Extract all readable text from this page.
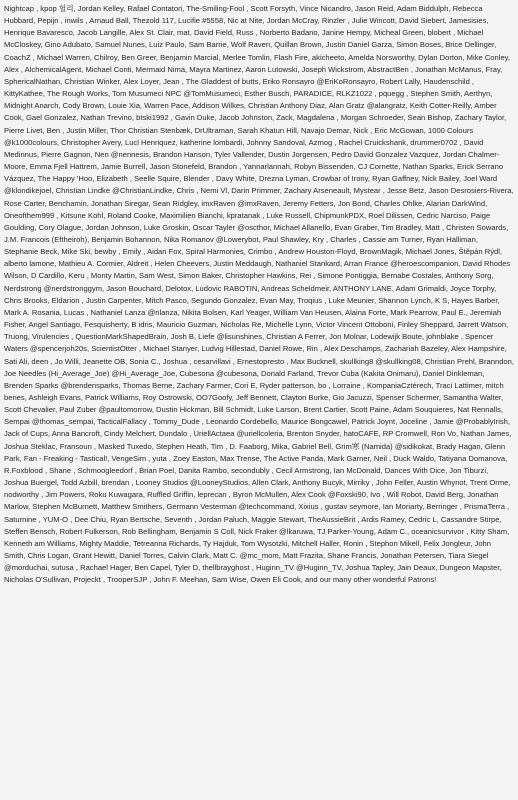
Nightcap , kpop 헐리, Jordan Kelley, Rafael Contatori, The-Smiling-Fool , Scott Forsyth, Vince Nicandro, Jason Reid, Adam Biddulph, Rebecca Hubbard, Pepijn , inwils , Arnaud Ball, Thezold 117, Lucifie #5558, Nic at Nite, Jordan McCray, Rinzler , Julie Wincott, David Siebert, Jamesisies, Henrique Bavaresco, Jacob Langille, Alex St. Clair, mat, David Field, Russ , Norberto Badano, Janine Hempy, Micheal Green, blobert , Michael McCloskey, Gino Adubato, Samuel Nunes, Luiz Paulo, Sam Barrie, Wolf Raven, Quillan Brown, Justin Daniel Garza, Simon Boses, Brice Dellinger, CoachZ , Michael Warren, Chilroy, Ben Greer, Benjamin Marcial, Merlee Tomlin, Flash Fire, akicheeto, Amelda Norsworthy, Dylan Dorton, Mike Conley, Alex , AlchemicalAgent, Michael Conti, Mermaid Nima, Mayra Martinez, Aaron Lutowski, Joseph Wickstrom, AbstractBen , Jonathan McManus, Fray, SphericalNathan, Christian Winker, Alex Loyer, Jean , The Gladdest of butts, Eriko Ronsayro @EriKoRonsayro, Robert Lally, Haudenschild , KittyKathee, The Rough Works, Tom Musumeci NPC @TomMusumeci, Esther Busch, PARADICE, RLKZ1022 , pquegg , Stephen Smith, Aerthyn, Midnight Anarch, Cody Brown, Louie Xia, Warren Pace, Addison Wilkes, Christian Anthony Diaz, Alan Gratz @alangratz, Keith Cotter-Reilly, Amber Cook, Gael Gonzalez, Nathan Trevino, btski1992 , Gavin Duke, Jacob Johnston, Zack, Magdalena , Morgan Schroeder, Sean Bishop, Zachary Taylor, Pierre Livet, Ben , Justin Miller, Thor Christian Stenbæk, DrUltraman, Sarah Khatun Hill, Navajo Demar, Nick , Eric McGowan, 1000 Colours @k1000colours, Christopher Avery, Lucl Henriquez, katherine lombardi, Johnny Sandoval, Azmog , Rachel Cruickshank, drummer0702 , David Medinnus, Pierre Gagnon, Nen @nennesis, Brandon Hanson, Tyler Vallender, Dustin Jorgensen, Pedro David Gonzalez Vazquez, Jordan Chalmer-Moore, Emma Fjell Hattrem, Jamie Burrell, Jason Stonefeld, Brandon , Yannarlannah, Robyn Bissenden, CJ Cornette, Nathan Sparks, Erick Serrano Vázquez, The Happy 'Hoo, Elizabeth , Seelle Squire, Blender , Davy White, Drezna Lyman, Crowbar of Irony, Ryan Gaffney, Nick Bailey, Joel Ward @klondikejoel, Christian Lindke @ChristianLindke, Chris , Nemi Vl, Darin Primmer, Zachary Arseneault, Mystear , Jesse Betz, Jason Desrosiers-Rivera, Rose Carter, Benchamin, Jonathan Siregar, Sean Ridgley, imxRaven @imxRaven, Jeremy Fetters, Jon Bond, Charles Ohlke, Alarian DarkWind, Oneofthem999 , Kitsune Kohl, Roland Cooke, Maximilien Bianchi, kpratanak , Luke Russell, ChipmunkPDX, Roel Dilissen, Cedric Narciso, Paige Goulding, Cory Olague, Jordan Johnson, Luke Groskin, Oscar Tayler @oscthor, Michael Allanello, Evan Graber, Tim Bradley, Matt , Christen Sowards, J.M. Francois (Eftheiroh), Benjamin Bohannon, Nika Romanov @Lowerybot, Paul Shawley, Kry , Charles , Cassie am Turner, Ryan Halliman, Stephanie Beck, Mike Ski, bewby , Emily , Aidan Fox, Spiral Harmonies, Crimbo , Andrew Houston-Floyd, BrownMagik, Michael Jones, Štěpán Rýdl, alberto lamone, Mathieu A. Cormier, Aldreit , Helen Cheevers, Justin Meddaugh, Nathaniel Stankard, Arran France @heroescompanion, David Rhodes Wilson, D Cardillo, Keru , Monty Martin, Sam West, Simon Baker, Christopher Hawkins, Rei , Simone Pontiggia, Bernabe Costales, Anthony Sorg, Nerdstrong @nerdstronggym, Jason Bouchard, Delotox, Ludovic RABOTIN, Andreas Scheldmeir, ANTHONY LANE, Adam Grimaldi, Joyce Torphy, Chris Brooks, Eldarion , Justin Carpenter, Mitch Pasco, Segundo Gonzalez, Evan May, Troqius , Luke Meunier, Shannon Lynch, K S, Hayes Barber, Mark A. Rosania, Lucas , Nathaniel Lanza @nlanza, Nikita Bolsen, Karl Yeager, William Van Heusen, Alaina Forte, Mark Pearrow, Paul E., Jeremiah Fisher, Angel Santiago, Fesquisherty, B idris, Mauricio Guzman, Nicholas Re, Michelle Lynn, Victor Vincent Ottoboni, Finley Sheppard, Jarrett Watson, Truong, Virulencies , QuestionMarkShapedBrain, Josh B, Liefe @lisunshines, Christian A Ferrer, Jon Molnar, Lodewijk Boute, johnblake , Spencer Waters @spencerjoh20s, ScientistOtter , Michael Stanyer, Ludvig Hillestad, Daniel Rowe, Rin , Alex Deschamps, Zachariah Bazeley, Alex Hampshire, Sati Ali, deen , Jo Willi, Jeanette OB, Sonia C., Joshua , cesarvillavi , Ernestopresto , Max Bucknell, skullking8 @skullking08, Christian Prehl, Branndon, Joe Needles (Hi_Average_Joe) @Hi_Average_Joe, Cubesona @cubesona, Donald Farland, Trevor Cuba (Kakita Onimaru), Daniel Dinkleman, Brenden Sparks @brendensparks, Thomas Berne, Zachary Farmer, Cori E, Ryder patterson, bo , Lorraine , KompaniaCztérech, Traci Lattimer, mitch benes, Ashleigh Evans, Patrick Williams, Roy Ostrowski, OO7Goofy, Jeff Bennett, Clayton Burke, Gio Jacuzzi, Spenser Schermer, Samantha Walter, Scott Chevalier, Paul Zuber @paultomorrow, Dustin Hickman, Bill Schmidt, Luke Larson, Brent Cartier, Scott Paine, Adam Souquieres, Nat Rennalls, Sempai @thomas_sempai, TacticalFallacy , Tommy_Dude , Leonardo Cordebello, Maurice Bongcawel, Patrick Joynt, Joceline , Jamie @ProbablyIrish, Jack of Cups, Anna Bancroft, Cindy Melchert, Dundalo , UriellActaea @uriellcoleria, Brenton Snyder, hatoCAFE, RP Cromwell, Ron Vo, Nathan James, Joshua Steklac, Fransoun , Masked Tuxedo, Stephen Heath, Tim , D. Faaborg, Mika, Gabriel Bell, Grim寒 (Namida) @sidikokat, Brady Hagan, Glenn Park, Fan - Freaking - Tastical!, VengeSim , yuta , Zoey Easton, Max Trense, The Active Panda, Mark Garner, Neil , Duck Waldo, Tatiyana Domanova, R.Foxblood , Shane , Schmoogleedorf , Brian Poel, Danita Rambo, secondubly , Cecil Armstrong, Ian McDonald, Dances With Dice, Jon Tiburzi, Joshua Buergel, Todd Azbill, brendan , Looney Studios @LooneyStudios, Allen Clark, Anthony Bucyk, Mirriky , John Feller, Austin Whynot, Trent Orme, nodworthy , Jim Powers, Roku Kuwagara, Ruffled Griffin, leprecan , Byron McMullen, Alex Cook @Foxski90, Ivo , Will Robot, David Berg, Jonathan Marlow, Stephen McBurnett, Matthew Smithers, Germann Vesterman @techcommand, Xixius , gustav seymore, Ian Moriarty, Berringer , PrismaTerra , Saturnine , YUM-O , Dee Chiu, Ryan Bertsche, Seventh , Jordan Paluch, Maggie Stewart, TheAussieBrit , Ardis Ramey, Cedric L, Cassandre Stirpe, Steffen Bensch, Robert Fulkerson, Rob Bellingham, Benjamin S Coll, Nick Fraker @lkaruwa, TJ Parker-Young, Adam C., oceanicsurvivor , Kitty Sham, Kenneth am Williams, Mighty Maddie, Tetreanna Richards, Ty Hajduk, Tom Wysotzki, Mitchell Haller, Ronin , Stephon Mikell, Felix Jongleur, John Smith, Chris Logan, Grant Hewitt, Daniel Torres, Calvin Clark, Matt C. @mc_mom, Matt Frazita, Shane Francis, Jonathan Petersen, Tiara Siegel @morduchai, sutusa , Rachael Hager, Ben Capel, Tyler D, thellbrayghost , Huginn_TV @Huginn_TV, Joshua Tapley, Jain Deaux, Dungeon Mapster, Nicholas O'Sullivan, Projeckt , TrooperSJP , John F. Meehan, Sam Wise, Owen Eli Cook, and our many other wonderful Patrons!
